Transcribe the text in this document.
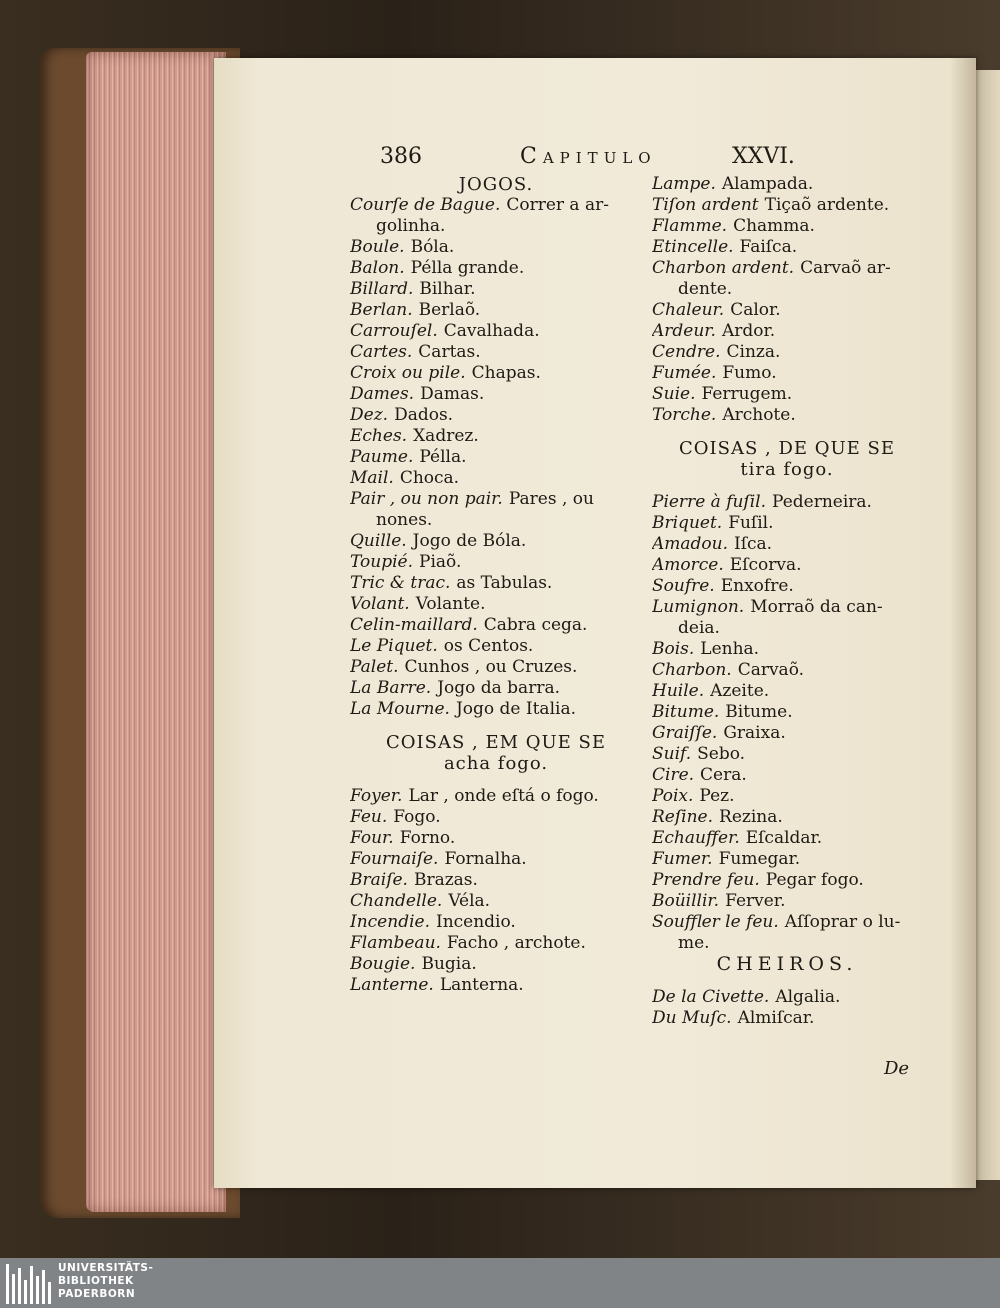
386	Capitulo	XXVI.
JOGOS.
Courſe de Bague. Correr a ar-
golinha.
Boule. Bóla.
Balon. Pélla grande.
Billard. Bilhar.
Berlan. Berlaõ.
Carrouſel. Cavalhada.
Cartes. Cartas.
Croix ou pile. Chapas.
Dames. Damas.
Dez. Dados.
Eches. Xadrez.
Paume. Pélla.
Mail. Choca.
Pair , ou non pair. Pares , ou
nones.
Quille. Jogo de Bóla.
Toupié. Piaõ.
Tric & trac. as Tabulas.
Volant. Volante.
Celin-maillard. Cabra cega.
Le Piquet. os Centos.
Palet. Cunhos , ou Cruzes.
La Barre. Jogo da barra.
La Mourne. Jogo de Italia.
COISAS , EM QUE SE
acha fogo.
Foyer. Lar , onde eſtá o fogo.
Feu. Fogo.
Four. Forno.
Fournaiſe. Fornalha.
Braiſe. Brazas.
Chandelle. Véla.
Incendie. Incendio.
Flambeau. Facho , archote.
Bougie. Bugia.
Lanterne. Lanterna.
Lampe. Alampada.
Tiſon ardent Tiçaõ ardente.
Flamme. Chamma.
Etincelle. Faiſca.
Charbon ardent. Carvaõ ar-
dente.
Chaleur. Calor.
Ardeur. Ardor.
Cendre. Cinza.
Fumée. Fumo.
Suie. Ferrugem.
Torche. Archote.
COISAS , DE QUE SE
tira fogo.
Pierre à fuſil. Pederneira.
Briquet. Fuſil.
Amadou. Iſca.
Amorce. Eſcorva.
Soufre. Enxofre.
Lumignon. Morraõ da can-
deia.
Bois. Lenha.
Charbon. Carvaõ.
Huile. Azeite.
Bitume. Bitume.
Graiſſe. Graixa.
Suif. Sebo.
Cire. Cera.
Poix. Pez.
Reſine. Rezina.
Echauffer. Eſcaldar.
Fumer. Fumegar.
Prendre feu. Pegar fogo.
Boüillir. Ferver.
Souffler le feu. Aſſoprar o lu-
me.
CHEIROS.
De la Civette. Algalia.
Du Muſc. Almiſcar.
De
UNIVERSITÄTS-
BIBLIOTHEK
PADERBORN
